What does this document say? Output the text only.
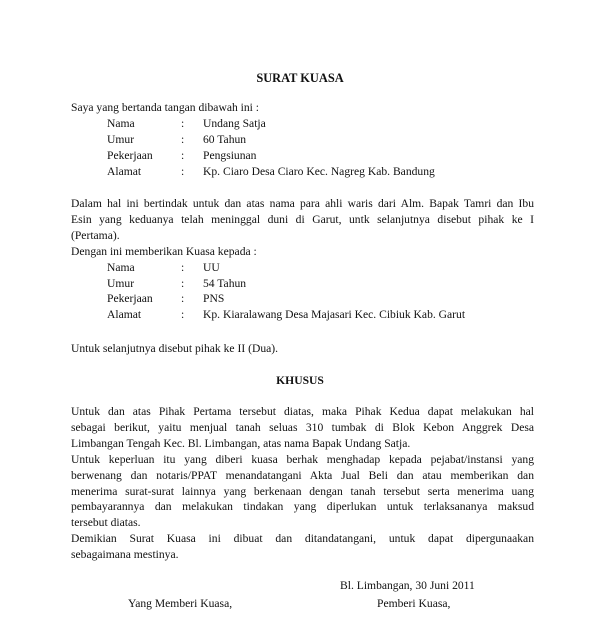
SURAT KUASA
Saya yang bertanda tangan dibawah ini :
Nama	:	Undang Satja
Umur	:	60 Tahun
Pekerjaan	:	Pengsiunan
Alamat	:	Kp. Ciaro Desa Ciaro Kec. Nagreg Kab. Bandung
Dalam hal ini bertindak untuk dan atas nama para ahli waris dari Alm. Bapak Tamri dan Ibu
Esin yang keduanya telah meninggal duni di Garut, untk selanjutnya disebut pihak ke I
(Pertama).
Dengan ini memberikan Kuasa kepada :
Nama	:	UU
Umur	:	54 Tahun
Pekerjaan	:	PNS
Alamat	:	Kp. Kiaralawang Desa Majasari Kec. Cibiuk Kab. Garut
Untuk selanjutnya disebut pihak ke II (Dua).
KHUSUS
Untuk dan atas Pihak Pertama tersebut diatas, maka Pihak Kedua dapat melakukan hal
sebagai berikut, yaitu menjual tanah seluas 310 tumbak di Blok Kebon Anggrek Desa
Limbangan Tengah Kec. Bl. Limbangan, atas nama Bapak Undang Satja.
Untuk keperluan itu yang diberi kuasa berhak menghadap kepada pejabat/instansi yang
berwenang dan notaris/PPAT menandatangani Akta Jual Beli dan atau memberikan dan
menerima surat-surat lainnya yang berkenaan dengan tanah tersebut serta menerima uang
pembayarannya dan melakukan tindakan yang diperlukan untuk terlaksananya maksud
tersebut diatas.
Demikian Surat Kuasa ini dibuat dan ditandatangani, untuk dapat dipergunaakan
sebagaimana mestinya.
Bl. Limbangan, 30 Juni 2011
Yang Memberi Kuasa,	Pemberi Kuasa,
